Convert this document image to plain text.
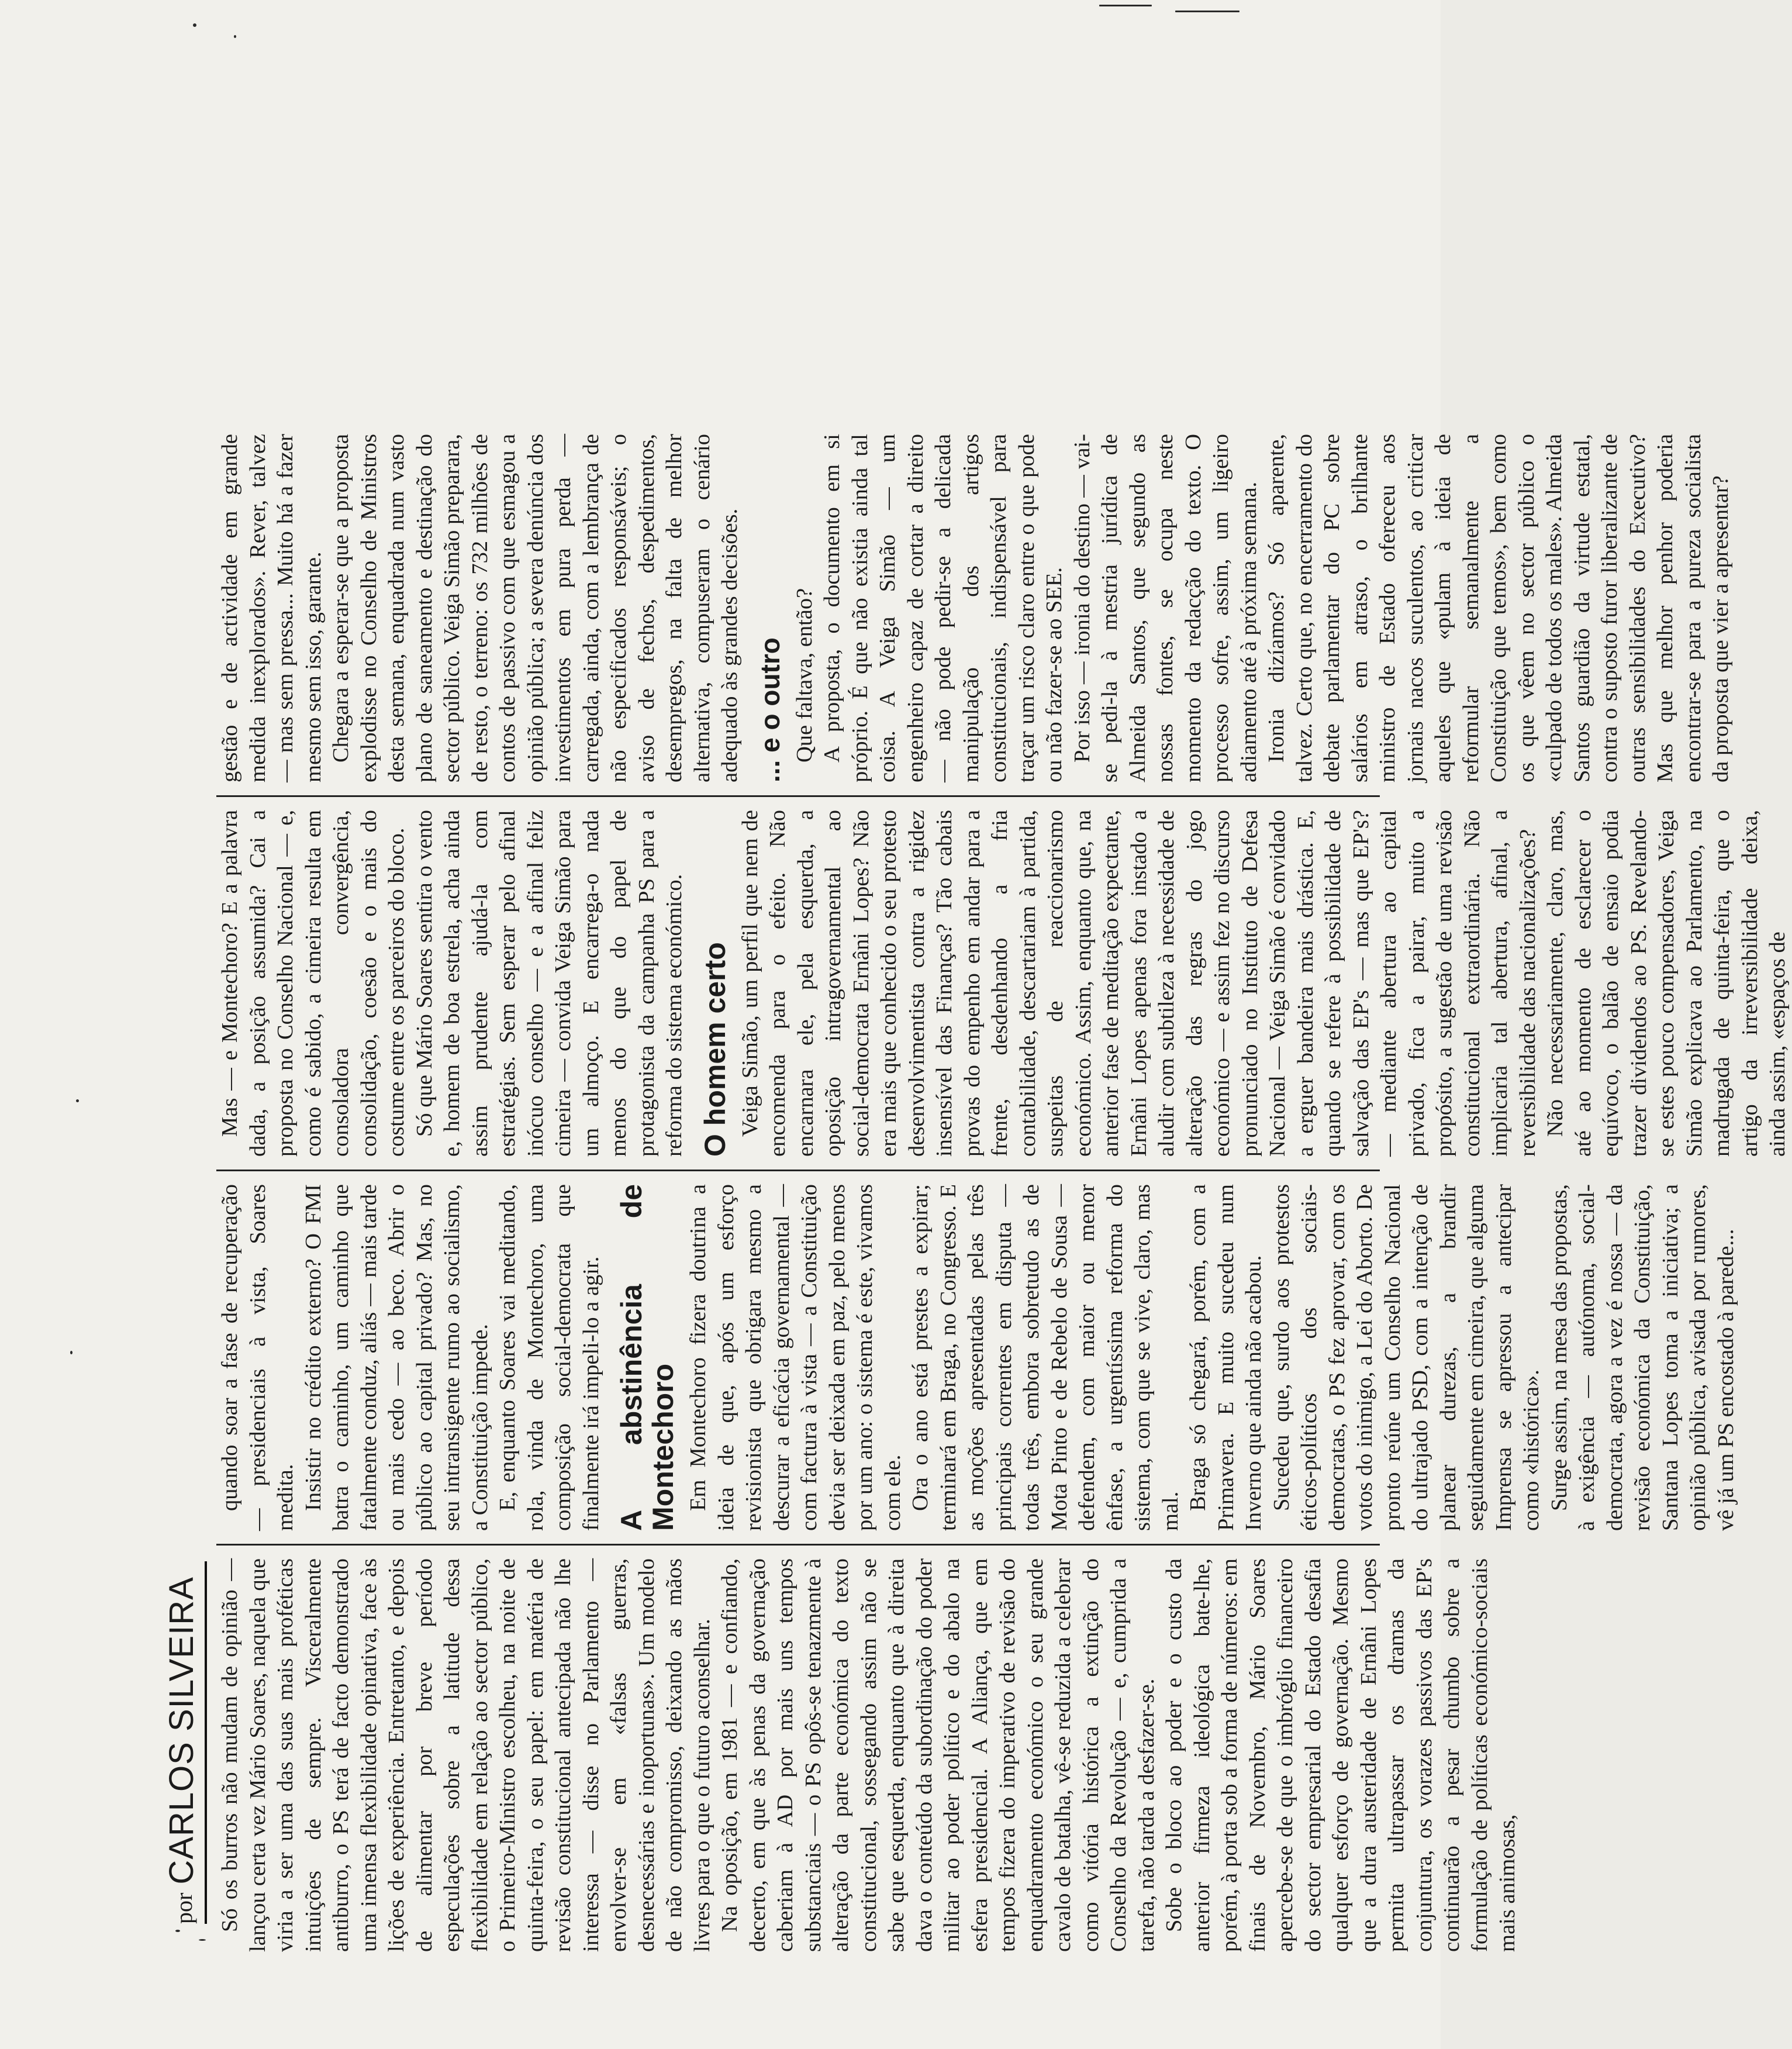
por
CARLOS SILVEIRA Só os burros não mudam de opinião — lançou certa vez Mário Soares, naquela que viria a ser uma das suas mais proféticas intuições de sempre. Visceralmente antiburro, o PS terá de facto demonstrado uma imensa flexibilidade opinativa, face às lições de experiência. Entretanto, e depois de alimentar por breve período especulações sobre a latitude dessa flexibilidade em relação ao sector público, o Primeiro-Ministro escolheu, na noite de quinta-feira, o seu papel: em matéria de revisão constitucional antecipada não lhe interessa — disse no Parlamento — envolver-se em «falsas guerras, desnecessárias e inoportunas». Um modelo de não compromisso, deixando as mãos livres para o que o futuro aconselhar. Na oposição, em 1981 — e confiando, decerto, em que às penas da governação caberiam à AD por mais uns tempos substanciais — o PS opôs-se tenazmente à alteração da parte económica do texto constitucional, sossegando assim não se sabe que esquerda, enquanto que à direita dava o conteúdo da subordinação do poder militar ao poder político e do abalo na esfera presidencial. A Aliança, que em tempos fizera do imperativo de revisão do enquadramento económico o seu grande cavalo de batalha, vê-se reduzida a celebrar como vitória histórica a extinção do Conselho da Revolução — e, cumprida a tarefa, não tarda a desfazer-se. Sobe o bloco ao poder e o custo da anterior firmeza ideológica bate-lhe, porém, à porta sob a forma de números: em finais de Novembro, Mário Soares apercebe-se de que o imbróglio financeiro do sector empresarial do Estado desafia qualquer esforço de governação. Mesmo que a dura austeridade de Ernâni Lopes permita ultrapassar os dramas da conjuntura, os vorazes passivos das EP's continuarão a pesar chumbo sobre a formulação de políticas económico-sociais mais animosas,

quando soar a fase de recuperação — presidenciais à vista, Soares medita. Insistir no crédito externo? O FMI batra o caminho, um caminho que fatalmente conduz, aliás — mais tarde ou mais cedo — ao beco. Abrir o público ao capital privado? Mas, no seu intransigente rumo ao socialismo, a Constituição impede. E, enquanto Soares vai meditando, rola, vinda de Montechoro, uma composição social-democrata que finalmente irá impeli-lo a agir. A abstinência de Montechoro Em Montechoro fizera doutrina a ideia de que, após um esforço revisionista que obrigara mesmo a descurar a eficácia governamental — com factura à vista — a Constituição devia ser deixada em paz, pelo menos por um ano: o sistema é este, vivamos com ele. Ora o ano está prestes a expirar; terminará em Braga, no Congresso. E as moções apresentadas pelas três principais correntes em disputa — todas três, embora sobretudo as de Mota Pinto e de Rebelo de Sousa — defendem, com maior ou menor ênfase, a urgentíssima reforma do sistema, com que se vive, claro, mas mal.

Braga só chegará, porém, com a Primavera. E muito sucedeu num Inverno que ainda não acabou. Sucedeu que, surdo aos protestos éticos-políticos dos sociais-democratas, o PS fez aprovar, com os votos do inimigo, a Lei do Aborto. De pronto reúne um Conselho Nacional do ultrajado PSD, com a intenção de planear durezas, a brandir seguidamente em cimeira, que alguma Imprensa se apressou a antecipar como «histórica». Surge assim, na mesa das propostas, à exigência — autónoma, social-democrata, agora a vez é nossa — da revisão económica da Constituição, Santana Lopes toma a iniciativa; a opinião pública, avisada por rumores, vê já um PS encostado à parede...

Mas — e Montechoro? E a palavra dada, a posição assumida? Cai a proposta no Conselho Nacional — e, como é sabido, a cimeira resulta em consoladora convergência, consolidação, coesão e o mais do costume entre os parceiros do bloco. Só que Mário Soares sentira o vento e, homem de boa estrela, acha ainda assim prudente ajudá-la com estratégias. Sem esperar pelo afinal inócuo conselho — e a afinal feliz cimeira — convida Veiga Simão para um almoço. E encarrega-o nada menos do que do papel de protagonista da campanha PS para a reforma do sistema económico. O homem certo Veiga Simão, um perfil que nem de encomenda para o efeito. Não encarnara ele, pela esquerda, a oposição intragovernamental ao social-democrata Ernâni Lopes? Não era mais que conhecido o seu protesto desenvolvimentista contra a rigidez insensível das Finanças? Tão cabais provas do empenho em andar para a frente, desdenhando a fria contabilidade, descartariam à partida, suspeitas de reaccionarismo económico. Assim, enquanto que, na anterior fase de meditação expectante, Ernâni Lopes apenas fora instado a aludir com subtileza à necessidade de alteração das regras do jogo económico — e assim fez no discurso pronunciado no Instituto de Defesa Nacional — Veiga Simão é convidado a erguer bandeira mais drástica. E, quando se refere à possibilidade de salvação das EP's — mas que EP's? — mediante abertura ao capital privado, fica a pairar, muito a propósito, a sugestão de uma revisão constitucional extraordinária. Não implicaria tal abertura, afinal, a reversibilidade das nacionalizações? Não necessariamente, claro, mas, até ao momento de esclarecer o equívoco, o balão de ensaio podia trazer dividendos ao PS. Revelando-se estes pouco compensadores, Veiga Simão explicava ao Parlamento, na madrugada de quinta-feira, que o artigo da irreversibilidade deixa, ainda assim, «espaços de

gestão e de actividade em grande medida inexplorados». Rever, talvez — mas sem pressa... Muito há a fazer mesmo sem isso, garante. Chegara a esperar-se que a proposta explodisse no Conselho de Ministros desta semana, enquadrada num vasto plano de saneamento e destinação do sector público. Veiga Simão preparara, de resto, o terreno: os 732 milhões de contos de passivo com que esmagou a opinião pública; a severa denúncia dos investimentos em pura perda — carregada, ainda, com a lembrança de não especificados responsáveis; o aviso de fechos, despedimentos, desempregos, na falta de melhor alternativa, compuseram o cenário adequado às grandes decisões. ... e o outro Que faltava, então? A proposta, o documento em si próprio. É que não existia ainda tal coisa. A Veiga Simão — um engenheiro capaz de cortar a direito — não pode pedir-se a delicada manipulação dos artigos constitucionais, indispensável para traçar um risco claro entre o que pode ou não fazer-se ao SEE. Por isso — ironia do destino — vai-se pedi-la à mestria jurídica de Almeida Santos, que segundo as nossas fontes, se ocupa neste momento da redacção do texto. O processo sofre, assim, um ligeiro adiamento até à próxima semana. Ironia dizíamos? Só aparente, talvez. Certo que, no encerramento do debate parlamentar do PC sobre salários em atraso, o brilhante ministro de Estado ofereceu aos jornais nacos suculentos, ao criticar aqueles que «pulam à ideia de reformular semanalmente a Constituição que temos», bem como os que vêem no sector público o «culpado de todos os males». Almeida Santos guardião da virtude estatal, contra o suposto furor liberalizante de outras sensibilidades do Executivo? Mas que melhor penhor poderia encontrar-se para a pureza socialista da proposta que vier a apresentar?
